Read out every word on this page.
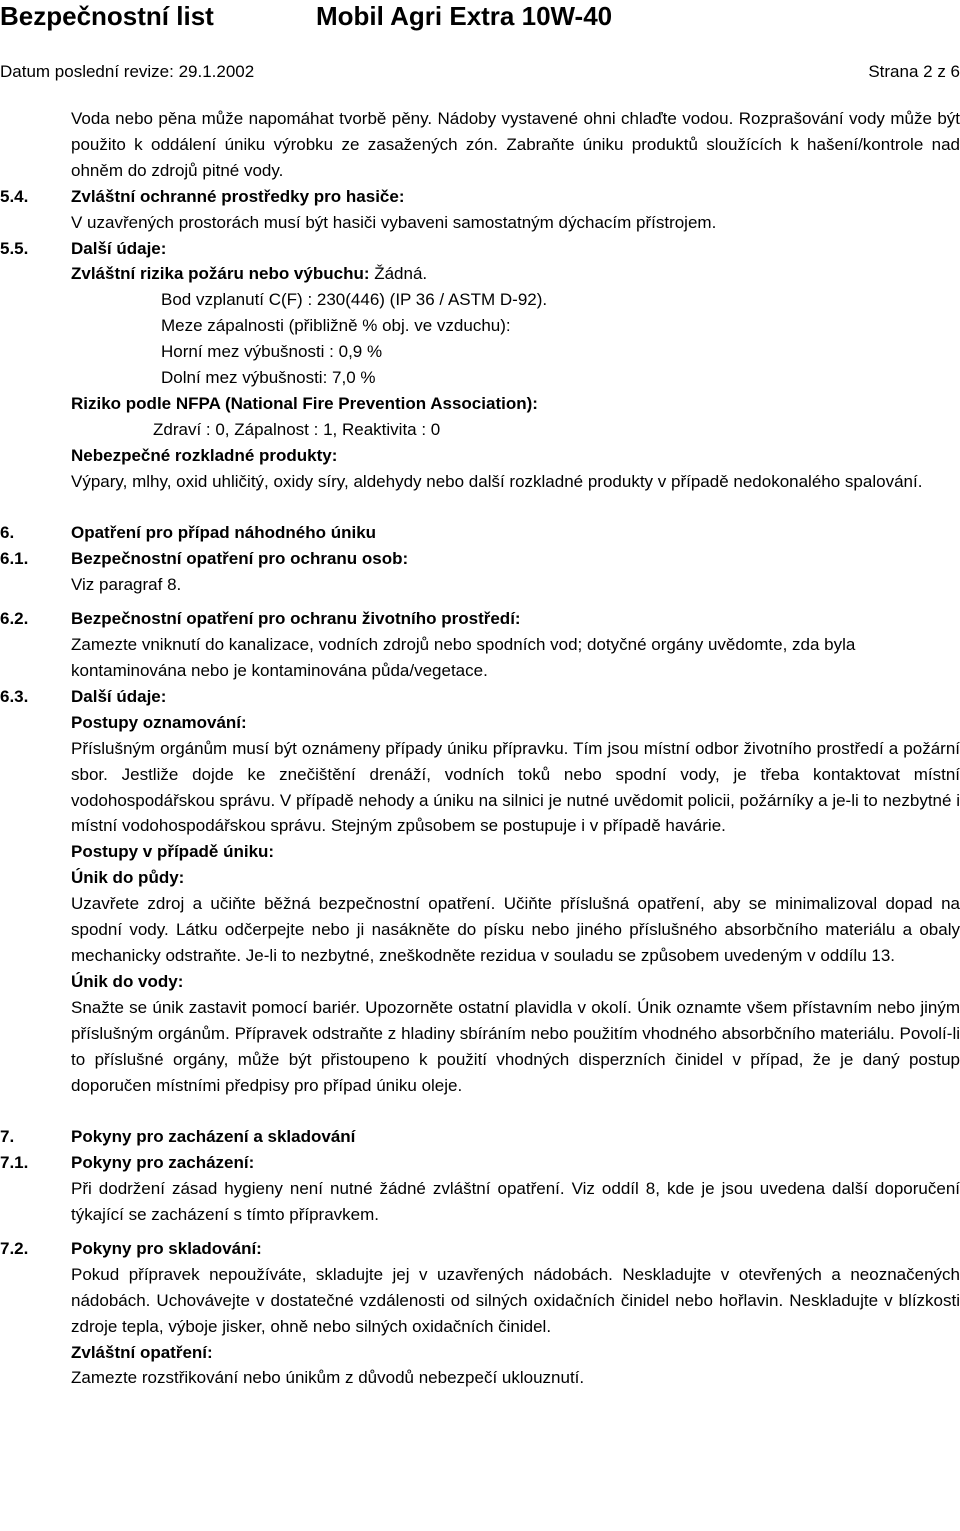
Bezpečnostní list	Mobil Agri Extra 10W-40
Datum poslední revize: 29.1.2002	Strana 2 z 6
Voda nebo pěna může napomáhat tvorbě pěny. Nádoby vystavené ohni chlaďte vodou. Rozprašování vody může být použito k oddálení úniku výrobku ze zasažených zón. Zabraňte úniku produktů sloužících k hašení/kontrole nad ohněm do zdrojů pitné vody.
5.4.	Zvláštní ochranné prostředky pro hasiče:
V uzavřených prostorách musí být hasiči vybaveni samostatným dýchacím přístrojem.
5.5.	Další údaje:
Zvláštní rizika požáru nebo výbuchu: Žádná.
Bod vzplanutí C(F) : 230(446) (IP 36 / ASTM D-92).
Meze zápalnosti (přibližně % obj. ve vzduchu):
Horní mez výbušnosti : 0,9 %
Dolní mez výbušnosti: 7,0 %
Riziko podle NFPA (National Fire Prevention Association):
Zdraví : 0, Zápalnost : 1, Reaktivita : 0
Nebezpečné rozkladné produkty:
Výpary, mlhy, oxid uhličitý, oxidy síry, aldehydy nebo další rozkladné produkty v případě nedokonalého spalování.
6.	Opatření pro případ náhodného úniku
6.1.	Bezpečnostní opatření pro ochranu osob:
Viz paragraf 8.
6.2.	Bezpečnostní opatření pro ochranu životního prostředí:
Zamezte vniknutí do kanalizace, vodních zdrojů nebo spodních vod; dotyčné orgány uvědomte, zda byla kontaminována nebo je kontaminována půda/vegetace.
6.3.	Další údaje:
Postupy oznamování:
Příslušným orgánům musí být oznámeny případy úniku přípravku. Tím jsou místní odbor životního prostředí a požární sbor. Jestliže dojde ke znečištění drenáží, vodních toků nebo spodní vody, je třeba kontaktovat místní vodohospodářskou správu. V případě nehody a úniku na silnici je nutné uvědomit policii, požárníky a je-li to nezbytné i místní vodohospodářskou správu. Stejným způsobem se postupuje i v případě havárie.
Postupy v případě úniku:
Únik do půdy:
Uzavřete zdroj a učiňte běžná bezpečnostní opatření. Učiňte příslušná opatření, aby se minimalizoval dopad na spodní vody. Látku odčerpejte nebo ji nasákněte do písku nebo jiného příslušného absorbčního materiálu a obaly mechanicky odstraňte. Je-li to nezbytné, zneškodněte rezidua v souladu se způsobem uvedeným v oddílu 13.
Únik do vody:
Snažte se únik zastavit pomocí bariér. Upozorněte ostatní plavidla v okolí. Únik oznamte všem přístavním nebo jiným příslušným orgánům. Přípravek odstraňte z hladiny sbíráním nebo použitím vhodného absorbčního materiálu. Povolí-li to příslušné orgány, může být přistoupeno k použití vhodných disperzních činidel v případ, že je daný postup doporučen místními předpisy pro případ úniku oleje.
7.	Pokyny pro zacházení a skladování
7.1.	Pokyny pro zacházení:
Při dodržení zásad hygieny není nutné žádné zvláštní opatření. Viz oddíl 8, kde je jsou uvedena další doporučení týkající se zacházení s tímto přípravkem.
7.2.	Pokyny pro skladování:
Pokud přípravek nepoužíváte, skladujte jej v uzavřených nádobách. Neskladujte v otevřených a neoznačených nádobách. Uchovávejte v dostatečné vzdálenosti od silných oxidačních činidel nebo hořlavin. Neskladujte v blízkosti zdroje tepla, výboje jisker, ohně nebo silných oxidačních činidel.
Zvláštní opatření:
Zamezte rozstřikování nebo únikům z důvodů nebezpečí uklouznutí.
